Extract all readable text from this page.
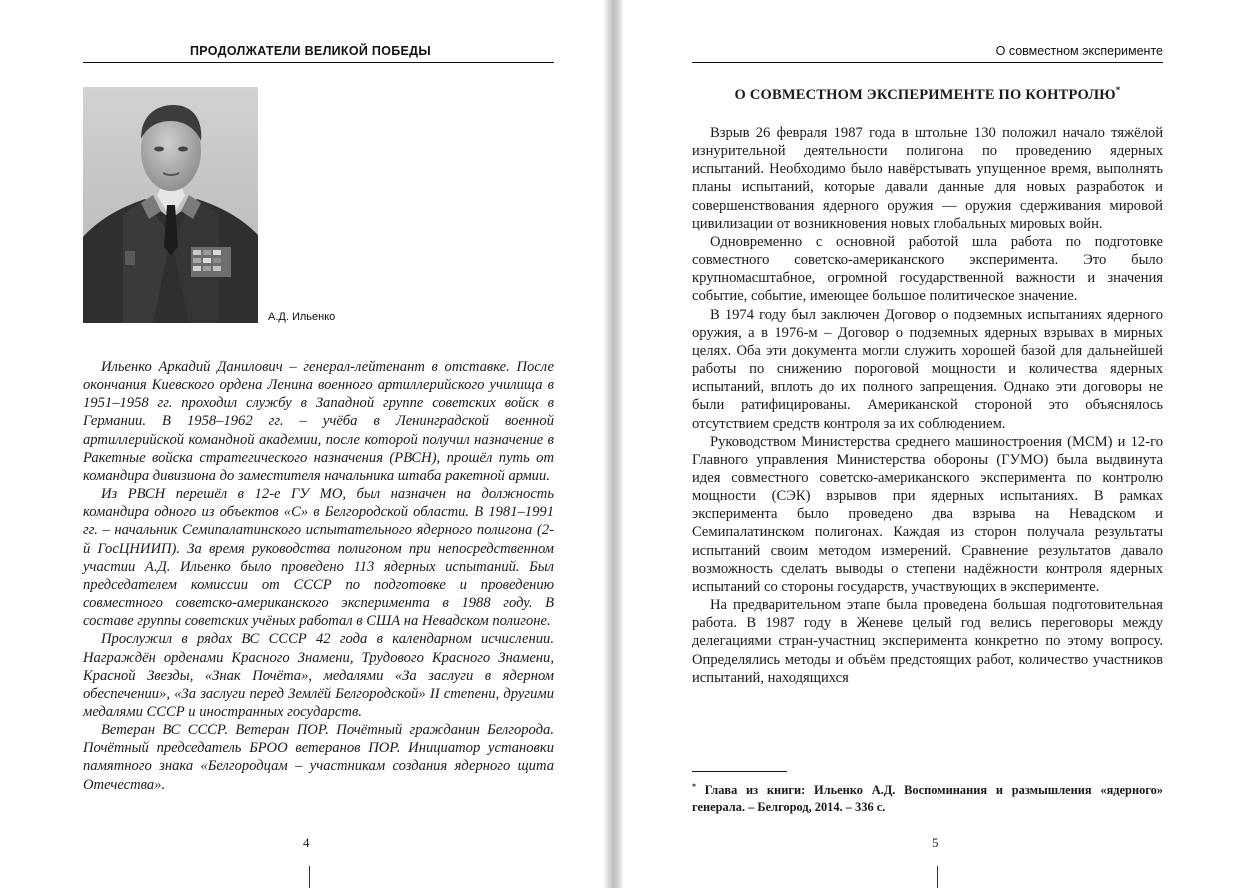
ПРОДОЛЖАТЕЛИ ВЕЛИКОЙ ПОБЕДЫ
А.Д. Ильенко

Ильенко Аркадий Данилович – генерал-лейтенант в отставке. После окончания Киевского ордена Ленина военного артиллерийского училища в 1951–1958 гг. проходил службу в Западной группе советских войск в Германии. В 1958–1962 гг. – учёба в Ленинградской военной артиллерийской командной академии, после которой получил назначение в Ракетные войска стратегического назначения (РВСН), прошёл путь от командира дивизиона до заместителя начальника штаба ракетной армии.

Из РВСН перешёл в 12-е ГУ МО, был назначен на должность командира одного из объектов «С» в Белгородской области. В 1981–1991 гг. – начальник Семипалатинского испытательного ядерного полигона (2-й ГосЦНИИП). За время руководства полигоном при непосредственном участии А.Д. Ильенко было проведено 113 ядерных испытаний. Был председателем комиссии от СССР по подготовке и проведению совместного советско-американского эксперимента в 1988 году. В составе группы советских учёных работал в США на Невадском полигоне.

Прослужил в рядах ВС СССР 42 года в календарном исчислении. Награждён орденами Красного Знамени, Трудового Красного Знамени, Красной Звезды, «Знак Почёта», медалями «За заслуги в ядерном обеспечении», «За заслуги перед Землёй Белгородской» II степени, другими медалями СССР и иностранных государств.

Ветеран ВС СССР. Ветеран ПОР. Почётный гражданин Белгорода. Почётный председатель БРОО ветеранов ПОР. Инициатор установки памятного знака «Белгородцам – участникам создания ядерного щита Отечества».

4
О совместном эксперименте
О СОВМЕСТНОМ ЭКСПЕРИМЕНТЕ ПО КОНТРОЛЮ*

Взрыв 26 февраля 1987 года в штольне 130 положил начало тяжёлой изнурительной деятельности полигона по проведению ядерных испытаний. Необходимо было навёрстывать упущенное время, выполнять планы испытаний, которые давали данные для новых разработок и совершенствования ядерного оружия — оружия сдерживания мировой цивилизации от возникновения новых глобальных мировых войн.

Одновременно с основной работой шла работа по подготовке совместного советско-американского эксперимента. Это было крупномасштабное, огромной государственной важности и значения событие, событие, имеющее большое политическое значение.

В 1974 году был заключен Договор о подземных испытаниях ядерного оружия, а в 1976-м – Договор о подземных ядерных взрывах в мирных целях. Оба эти документа могли служить хорошей базой для дальнейшей работы по снижению пороговой мощности и количества ядерных испытаний, вплоть до их полного запрещения. Однако эти договоры не были ратифицированы. Американской стороной это объяснялось отсутствием средств контроля за их соблюдением.

Руководством Министерства среднего машиностроения (МСМ) и 12-го Главного управления Министерства обороны (ГУМО) была выдвинута идея совместного советско-американского эксперимента по контролю мощности (СЭК) взрывов при ядерных испытаниях. В рамках эксперимента было проведено два взрыва на Невадском и Семипалатинском полигонах. Каждая из сторон получала результаты испытаний своим методом измерений. Сравнение результатов давало возможность сделать выводы о степени надёжности контроля ядерных испытаний со стороны государств, участвующих в эксперименте.

На предварительном этапе была проведена большая подготовительная работа. В 1987 году в Женеве целый год велись переговоры между делегациями стран-участниц эксперимента конкретно по этому вопросу. Определялись методы и объём предстоящих работ, количество участников испытаний, находящихся

* Глава из книги: Ильенко А.Д. Воспоминания и размышления «ядерного» генерала. – Белгород, 2014. – 336 с.

5
